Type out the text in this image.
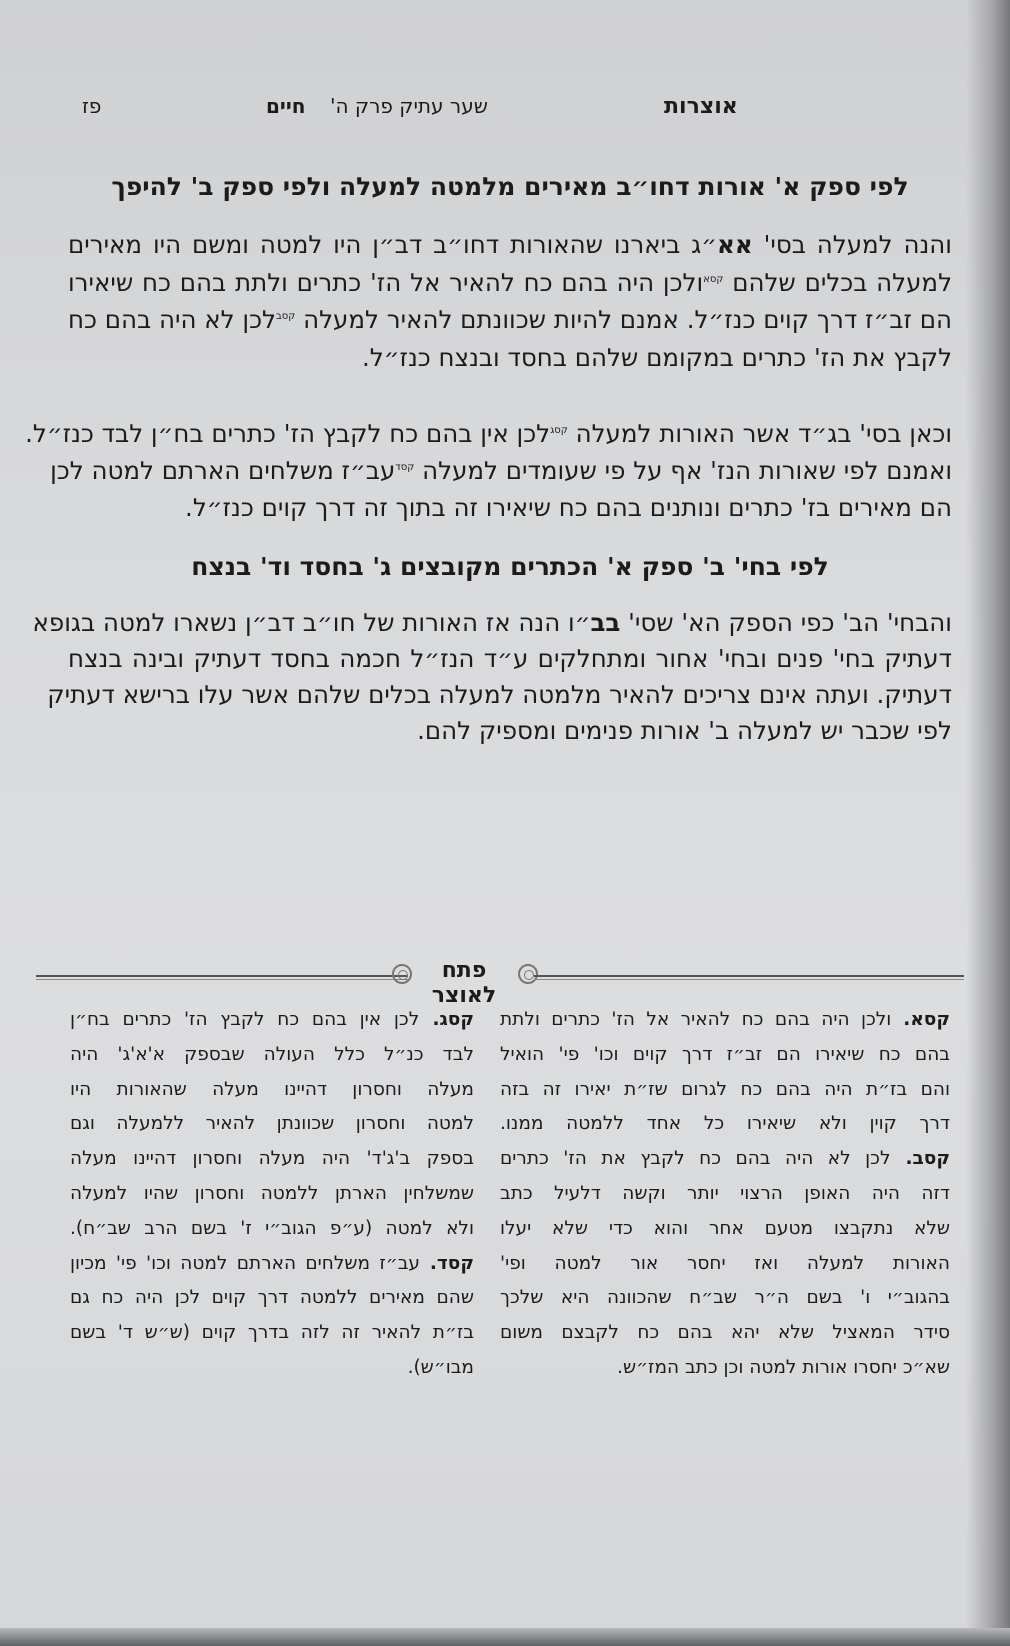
אוצרות
שער עתיק פרק ה'
חיים
פז
לפי ספק א' אורות דחו״ב מאירים מלמטה למעלה ולפי ספק ב' להיפך
והנה למעלה בסי' אא״ג ביארנו שהאורות דחו״ב דב״ן היו למטה ומשם היו מאירים
למעלה בכלים שלהם $^{קסא}$ולכן היה בהם כח להאיר אל הז' כתרים ולתת בהם כח שיאירו
הם זב״ז דרך קוים כנז״ל. אמנם להיות שכוונתם להאיר למעלה $^{קסב}$לכן לא היה בהם כח
לקבץ את הז' כתרים במקומם שלהם בחסד ובנצח כנז״ל.
וכאן בסי' בג״ד אשר האורות למעלה $^{קסג}$לכן אין בהם כח לקבץ הז' כתרים בח״ן לבד כנז״ל.
ואמנם לפי שאורות הנז' אף על פי שעומדים למעלה $^{קסד}$עב״ז משלחים הארתם למטה לכן
הם מאירים בז' כתרים ונותנים בהם כח שיאירו זה בתוך זה דרך קוים כנז״ל.
לפי בחי' ב' ספק א' הכתרים מקובצים ג' בחסד וד' בנצח
והבחי' הב' כפי הספק הא' שסי' בב״ו הנה אז האורות של חו״ב דב״ן נשארו למטה בגופא
דעתיק בחי' פנים ובחי' אחור ומתחלקים ע״ד הנז״ל חכמה בחסד דעתיק ובינה בנצח
דעתיק. ועתה אינם צריכים להאיר מלמטה למעלה בכלים שלהם אשר עלו ברישא דעתיק
לפי שכבר יש למעלה ב' אורות פנימים ומספיק להם.
פתח לאוצר
קסא. ולכן היה בהם כח להאיר אל הז' כתרים ולתת
בהם כח שיאירו הם זב״ז דרך קוים וכו' פי' הואיל
והם בז״ת היה בהם כח לגרום שז״ת יאירו זה בזה
דרך קוין ולא שיאירו כל אחד ללמטה ממנו.
קסב. לכן לא היה בהם כח לקבץ את הז' כתרים
דזה היה האופן הרצוי יותר וקשה דלעיל כתב
שלא נתקבצו מטעם אחר והוא כדי שלא יעלו
האורות למעלה ואז יחסר אור למטה ופי'
בהגוב״י ו' בשם ה״ר שב״ח שהכוונה היא שלכך
סידר המאציל שלא יהא בהם כח לקבצם משום
שא״כ יחסרו אורות למטה וכן כתב המז״ש.
קסג. לכן אין בהם כח לקבץ הז' כתרים בח״ן
לבד כנ״ל כלל העולה שבספק א'א'ג' היה
מעלה וחסרון דהיינו מעלה שהאורות היו
למטה וחסרון שכוונתן להאיר ללמעלה וגם
בספק ב'ג'ד' היה מעלה וחסרון דהיינו מעלה
שמשלחין הארתן ללמטה וחסרון שהיו למעלה
ולא למטה (ע״פ הגוב״י ז' בשם הרב שב״ח).
קסד. עב״ז משלחים הארתם למטה וכו' פי' מכיון
שהם מאירים ללמטה דרך קוים לכן היה כח גם
בז״ת להאיר זה לזה בדרך קוים (ש״ש ד' בשם
מבו״ש).
